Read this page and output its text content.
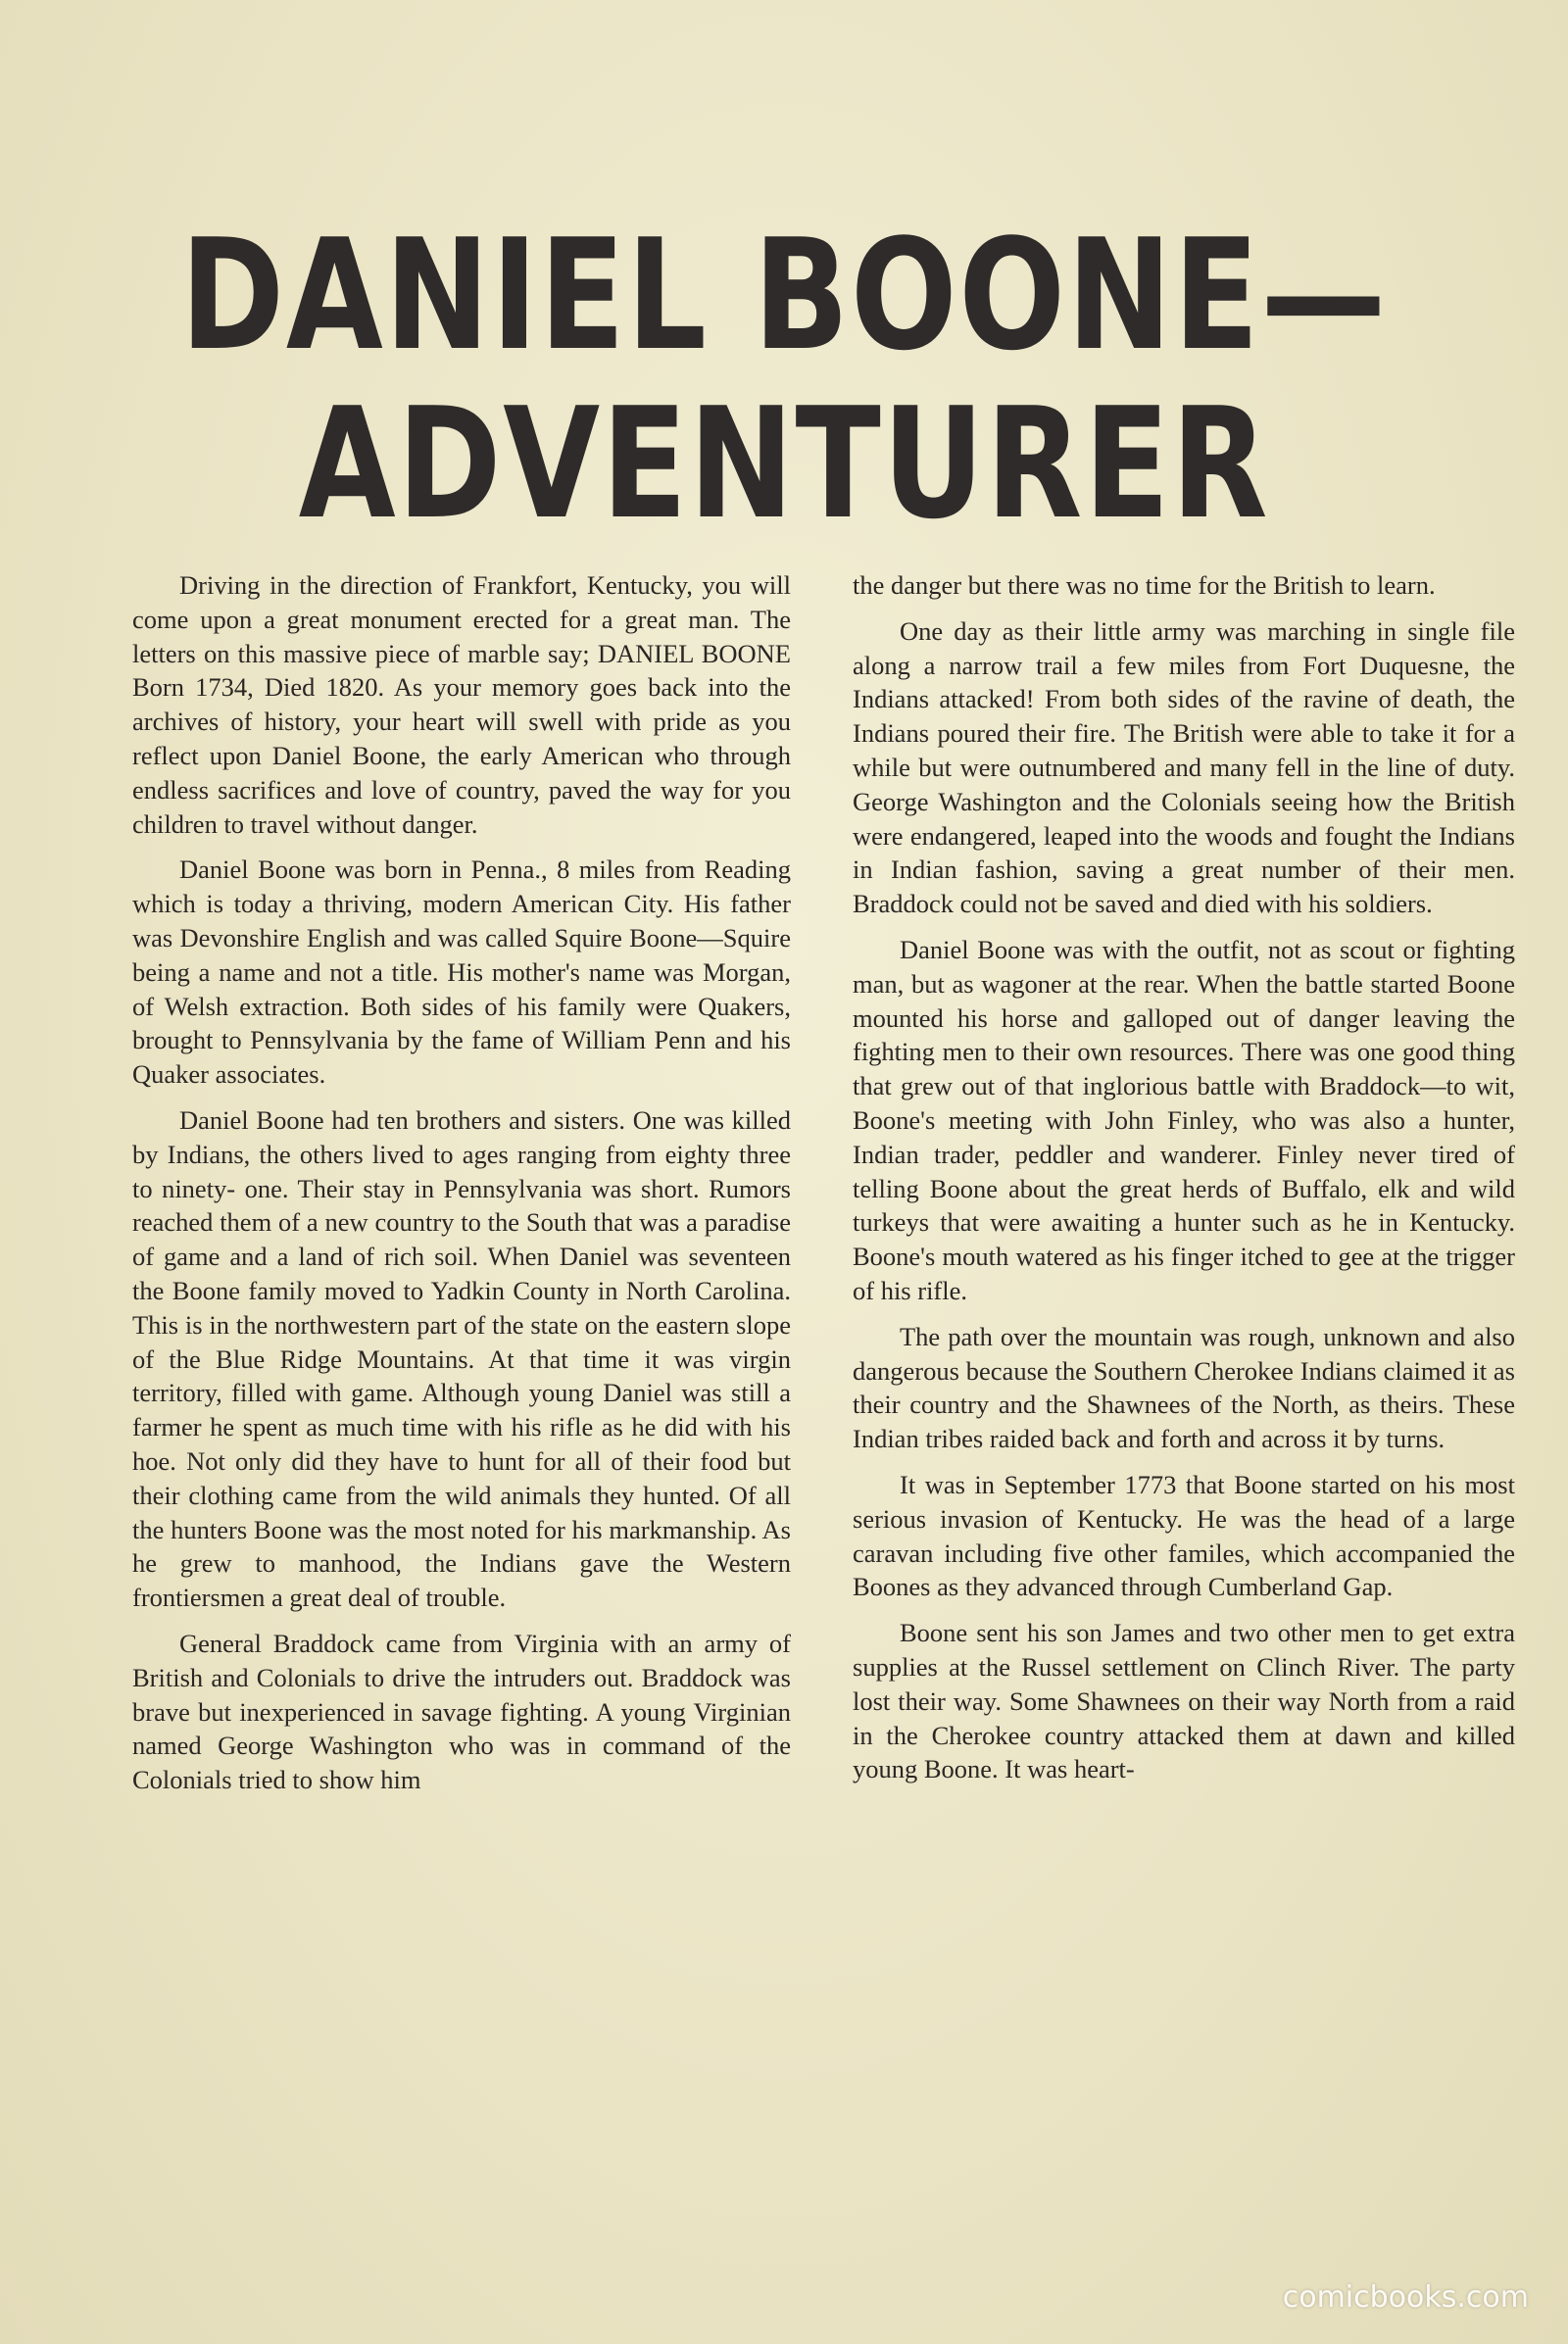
DANIEL BOONE—
ADVENTURER

Driving in the direction of Frankfort, Kentucky, you will come upon a great monument erected for a great man. The letters on this massive piece of marble say; DANIEL BOONE Born 1734, Died 1820. As your memory goes back into the archives of history, your heart will swell with pride as you reflect upon Daniel Boone, the early American who through endless sacrifices and love of country, paved the way for you children to travel without danger.

Daniel Boone was born in Penna., 8 miles from Reading which is today a thriving, modern American City. His father was Devonshire English and was called Squire Boone—Squire being a name and not a title. His mother's name was Morgan, of Welsh extraction. Both sides of his family were Quakers, brought to Pennsylvania by the fame of William Penn and his Quaker associates.

Daniel Boone had ten brothers and sisters. One was killed by Indians, the others lived to ages ranging from eighty three to ninety- one. Their stay in Pennsylvania was short. Rumors reached them of a new country to the South that was a paradise of game and a land of rich soil. When Daniel was seventeen the Boone family moved to Yadkin County in North Carolina. This is in the northwestern part of the state on the eastern slope of the Blue Ridge Mountains. At that time it was virgin territory, filled with game. Although young Daniel was still a farmer he spent as much time with his rifle as he did with his hoe. Not only did they have to hunt for all of their food but their clothing came from the wild animals they hunted. Of all the hunters Boone was the most noted for his markmanship. As he grew to manhood, the Indians gave the Western frontiersmen a great deal of trouble.

General Braddock came from Virginia with an army of British and Colonials to drive the intruders out. Braddock was brave but inexperienced in savage fighting. A young Virginian named George Washington who was in command of the Colonials tried to show him

the danger but there was no time for the British to learn.

One day as their little army was marching in single file along a narrow trail a few miles from Fort Duquesne, the Indians attacked! From both sides of the ravine of death, the Indians poured their fire. The British were able to take it for a while but were outnumbered and many fell in the line of duty. George Washington and the Colonials seeing how the British were endangered, leaped into the woods and fought the Indians in Indian fashion, saving a great number of their men. Braddock could not be saved and died with his soldiers.

Daniel Boone was with the outfit, not as scout or fighting man, but as wagoner at the rear. When the battle started Boone mounted his horse and galloped out of danger leaving the fighting men to their own resources. There was one good thing that grew out of that inglorious battle with Braddock—to wit, Boone's meeting with John Finley, who was also a hunter, Indian trader, peddler and wanderer. Finley never tired of telling Boone about the great herds of Buffalo, elk and wild turkeys that were awaiting a hunter such as he in Kentucky. Boone's mouth watered as his finger itched to gee at the trigger of his rifle.

The path over the mountain was rough, unknown and also dangerous because the Southern Cherokee Indians claimed it as their country and the Shawnees of the North, as theirs. These Indian tribes raided back and forth and across it by turns.

It was in September 1773 that Boone started on his most serious invasion of Kentucky. He was the head of a large caravan including five other familes, which accompanied the Boones as they advanced through Cumberland Gap.

Boone sent his son James and two other men to get extra supplies at the Russel settlement on Clinch River. The party lost their way. Some Shawnees on their way North from a raid in the Cherokee country attacked them at dawn and killed young Boone. It was heart-

comicbooks.com
